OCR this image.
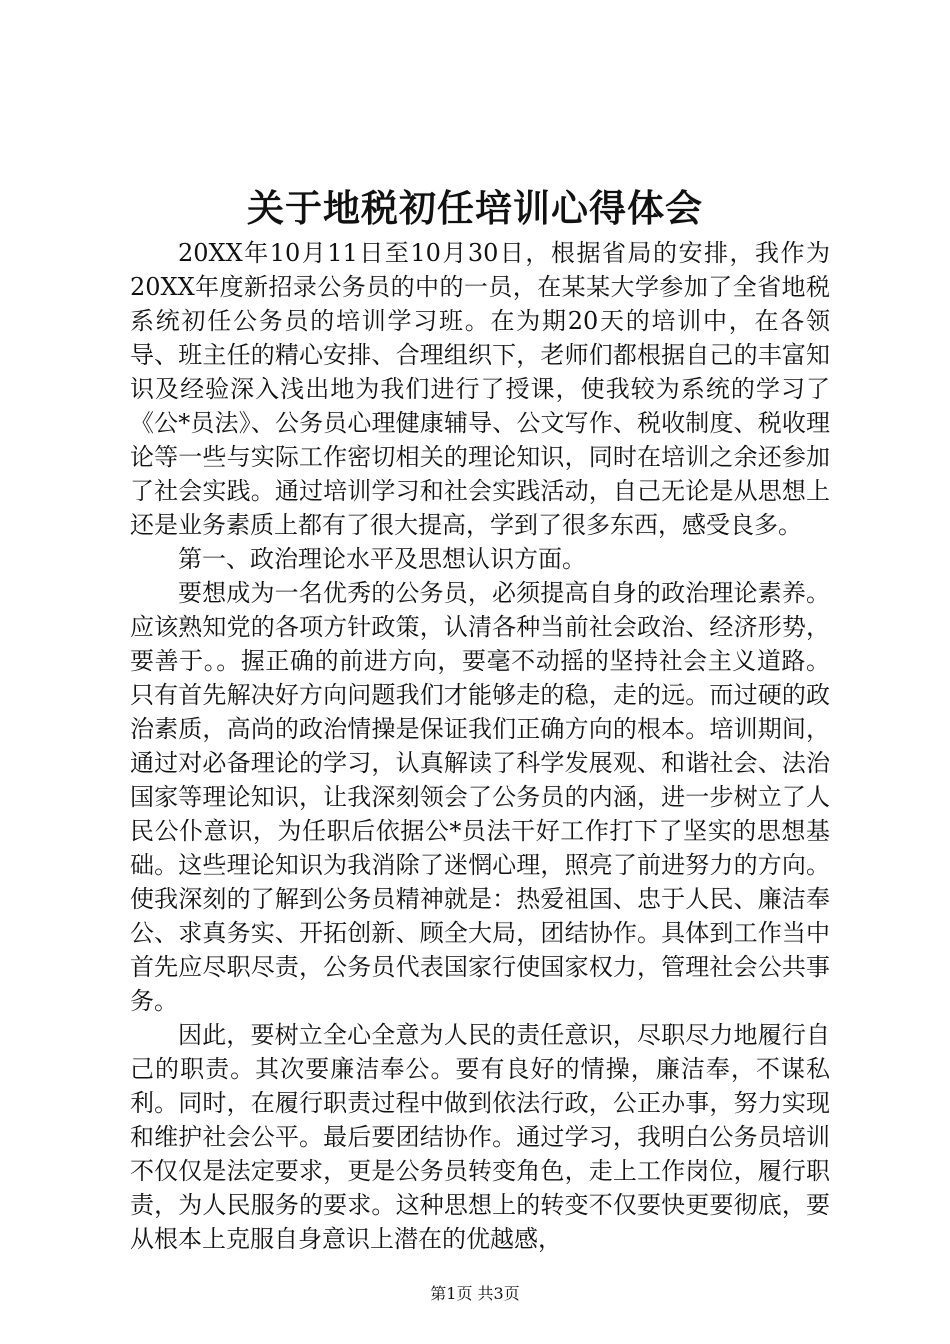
关于地税初任培训心得体会

20XX年10月11日至10月30日，根据省局的安排，我作为20XX年度新招录公务员的中的一员，在某某大学参加了全省地税系统初任公务员的培训学习班。在为期20天的培训中，在各领导、班主任的精心安排、合理组织下，老师们都根据自己的丰富知识及经验深入浅出地为我们进行了授课，使我较为系统的学习了《公*员法》、公务员心理健康辅导、公文写作、税收制度、税收理论等一些与实际工作密切相关的理论知识，同时在培训之余还参加了社会实践。通过培训学习和社会实践活动，自己无论是从思想上还是业务素质上都有了很大提高，学到了很多东西，感受良多。

第一、政治理论水平及思想认识方面。

要想成为一名优秀的公务员，必须提高自身的政治理论素养。应该熟知党的各项方针政策，认清各种当前社会政治、经济形势，要善于。。握正确的前进方向，要毫不动摇的坚持社会主义道路。只有首先解决好方向问题我们才能够走的稳，走的远。而过硬的政治素质，高尚的政治情操是保证我们正确方向的根本。培训期间，通过对必备理论的学习，认真解读了科学发展观、和谐社会、法治国家等理论知识，让我深刻领会了公务员的内涵，进一步树立了人民公仆意识，为任职后依据公*员法干好工作打下了坚实的思想基础。这些理论知识为我消除了迷惘心理，照亮了前进努力的方向。使我深刻的了解到公务员精神就是：热爱祖国、忠于人民、廉洁奉公、求真务实、开拓创新、顾全大局，团结协作。具体到工作当中首先应尽职尽责，公务员代表国家行使国家权力，管理社会公共事务。

因此，要树立全心全意为人民的责任意识，尽职尽力地履行自己的职责。其次要廉洁奉公。要有良好的情操，廉洁奉，不谋私利。同时，在履行职责过程中做到依法行政，公正办事，努力实现和维护社会公平。最后要团结协作。通过学习，我明白公务员培训不仅仅是法定要求，更是公务员转变角色，走上工作岗位，履行职责，为人民服务的要求。这种思想上的转变不仅要快更要彻底，要从根本上克服自身意识上潜在的优越感，

第1页 共3页
